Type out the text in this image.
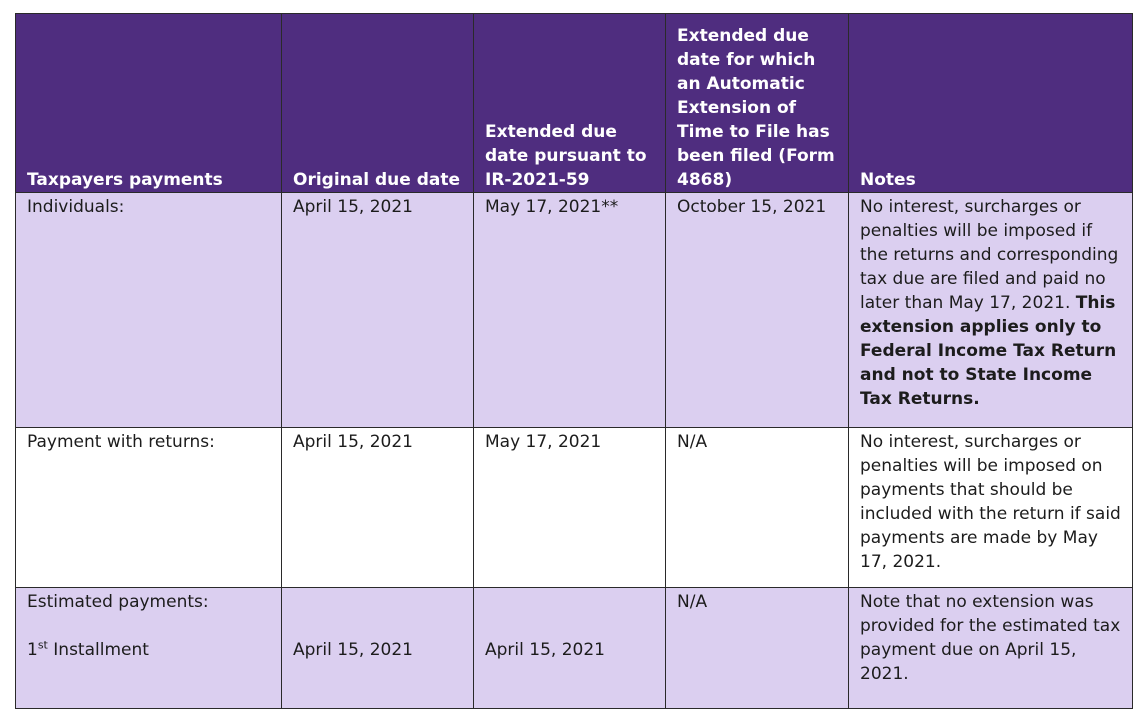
Taxpayers payments	Original due date	Extended due date pursuant to IR-2021-59	Extended due date for which an Automatic Extension of Time to File has been filed (Form 4868)	Notes
Individuals:	April 15, 2021	May 17, 2021**	October 15, 2021	No interest, surcharges or penalties will be imposed if the returns and corresponding tax due are filed and paid no later than May 17, 2021. This extension applies only to Federal Income Tax Return and not to State Income Tax Returns.
Payment with returns:	April 15, 2021	May 17, 2021	N/A	No interest, surcharges or penalties will be imposed on payments that should be included with the return if said payments are made by May 17, 2021.

Estimated payments:
1st Installment	April 15, 2021	April 15, 2021	N/A	Note that no extension was provided for the estimated tax payment due on April 15, 2021.
